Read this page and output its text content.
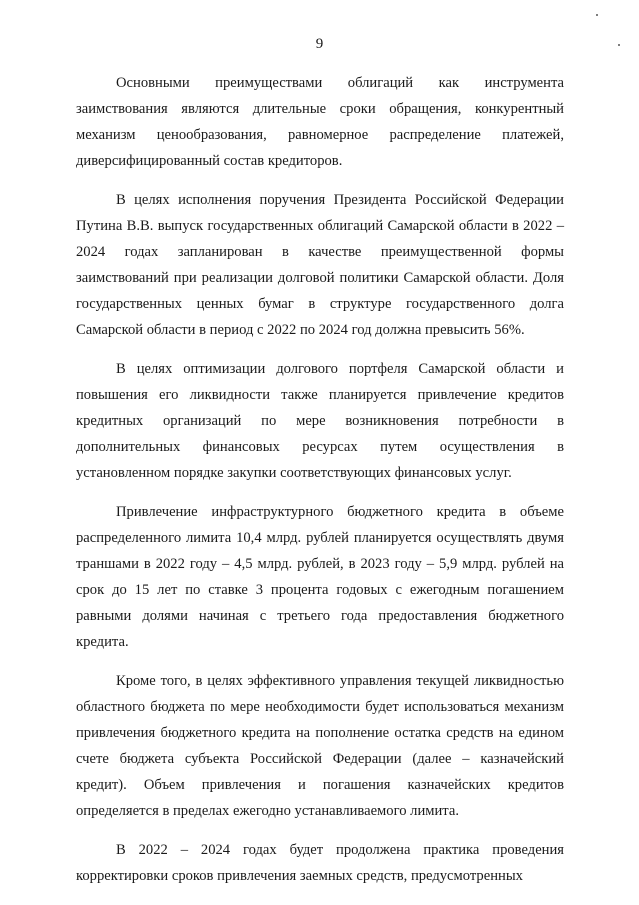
9

Основными преимуществами облигаций как инструмента заимствования являются длительные сроки обращения, конкурентный механизм ценообразования, равномерное распределение платежей, диверсифицированный состав кредиторов.

В целях исполнения поручения Президента Российской Федерации Путина В.В. выпуск государственных облигаций Самарской области в 2022 – 2024 годах запланирован в качестве преимущественной формы заимствований при реализации долговой политики Самарской области. Доля государственных ценных бумаг в структуре государственного долга Самарской области в период с 2022 по 2024 год должна превысить 56%.

В целях оптимизации долгового портфеля Самарской области и повышения его ликвидности также планируется привлечение кредитов кредитных организаций по мере возникновения потребности в дополнительных финансовых ресурсах путем осуществления в установленном порядке закупки соответствующих финансовых услуг.

Привлечение инфраструктурного бюджетного кредита в объеме распределенного лимита 10,4 млрд. рублей планируется осуществлять двумя траншами в 2022 году – 4,5 млрд. рублей, в 2023 году – 5,9 млрд. рублей на срок до 15 лет по ставке 3 процента годовых с ежегодным погашением равными долями начиная с третьего года предоставления бюджетного кредита.

Кроме того, в целях эффективного управления текущей ликвидностью областного бюджета по мере необходимости будет использоваться механизм привлечения бюджетного кредита на пополнение остатка средств на едином счете бюджета субъекта Российской Федерации (далее – казначейский кредит). Объем привлечения и погашения казначейских кредитов определяется в пределах ежегодно устанавливаемого лимита.

В 2022 – 2024 годах будет продолжена практика проведения корректировки сроков привлечения заемных средств, предусмотренных
